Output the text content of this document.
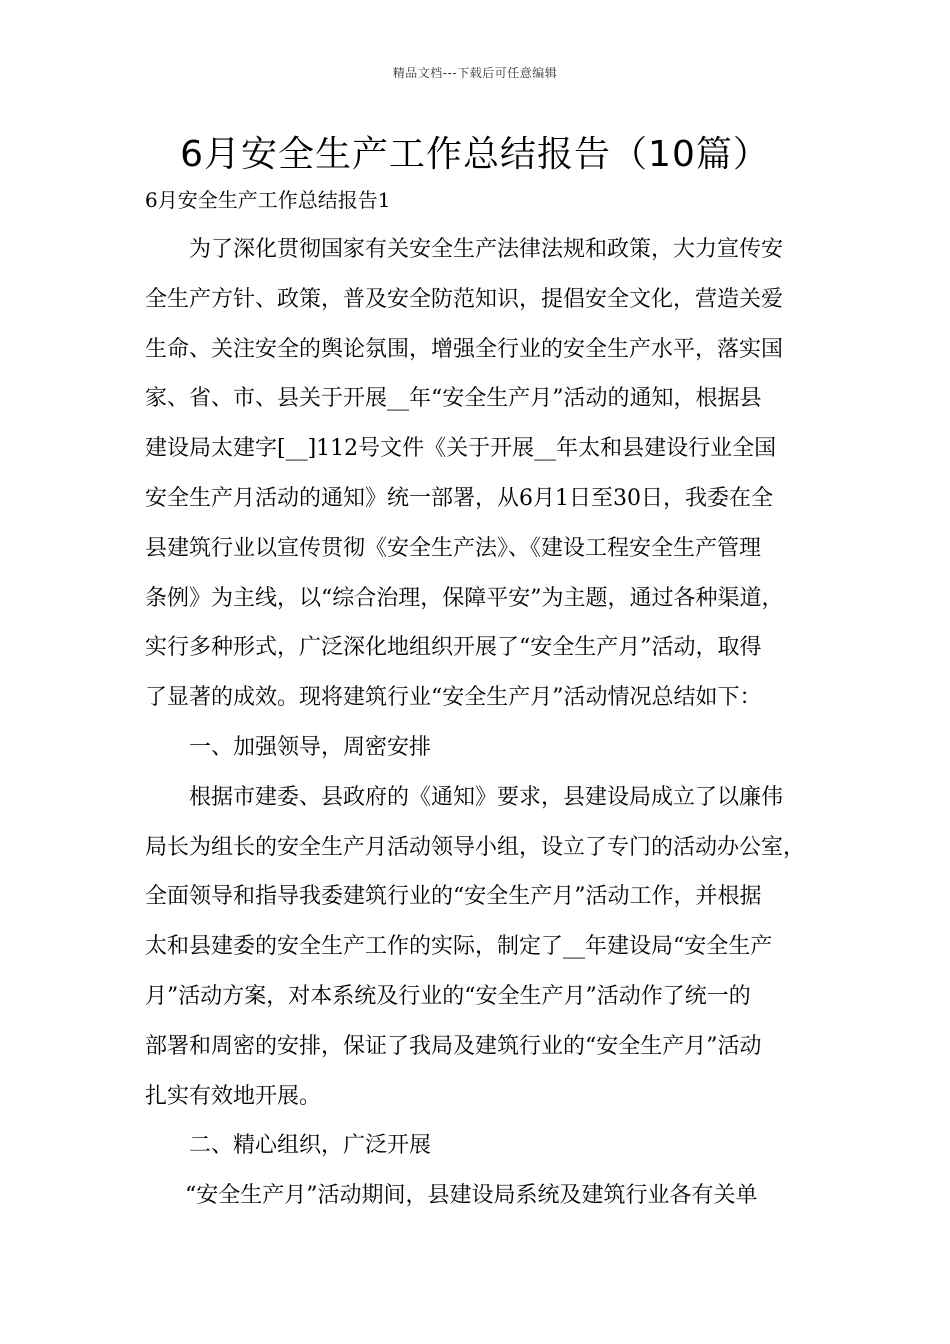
精品文档---下载后可任意编辑
6月安全生产工作总结报告（10篇）
6月安全生产工作总结报告1
为了深化贯彻国家有关安全生产法律法规和政策，大力宣传安
全生产方针、政策，普及安全防范知识，提倡安全文化，营造关爱
生命、关注安全的舆论氛围，增强全行业的安全生产水平，落实国
家、省、市、县关于开展__年“安全生产月”活动的通知，根据县
建设局太建字[__]112号文件《关于开展__年太和县建设行业全国
安全生产月活动的通知》统一部署，从6月1日至30日，我委在全
县建筑行业以宣传贯彻《安全生产法》、《建设工程安全生产管理
条例》为主线，以“综合治理，保障平安”为主题，通过各种渠道，
实行多种形式，广泛深化地组织开展了“安全生产月”活动，取得
了显著的成效。现将建筑行业“安全生产月”活动情况总结如下：
一、加强领导，周密安排
根据市建委、县政府的《通知》要求，县建设局成立了以廉伟
局长为组长的安全生产月活动领导小组，设立了专门的活动办公室，
全面领导和指导我委建筑行业的“安全生产月”活动工作，并根据
太和县建委的安全生产工作的实际，制定了__年建设局“安全生产
月”活动方案，对本系统及行业的“安全生产月”活动作了统一的
部署和周密的安排，保证了我局及建筑行业的“安全生产月”活动
扎实有效地开展。
二、精心组织，广泛开展
“安全生产月”活动期间，县建设局系统及建筑行业各有关单
